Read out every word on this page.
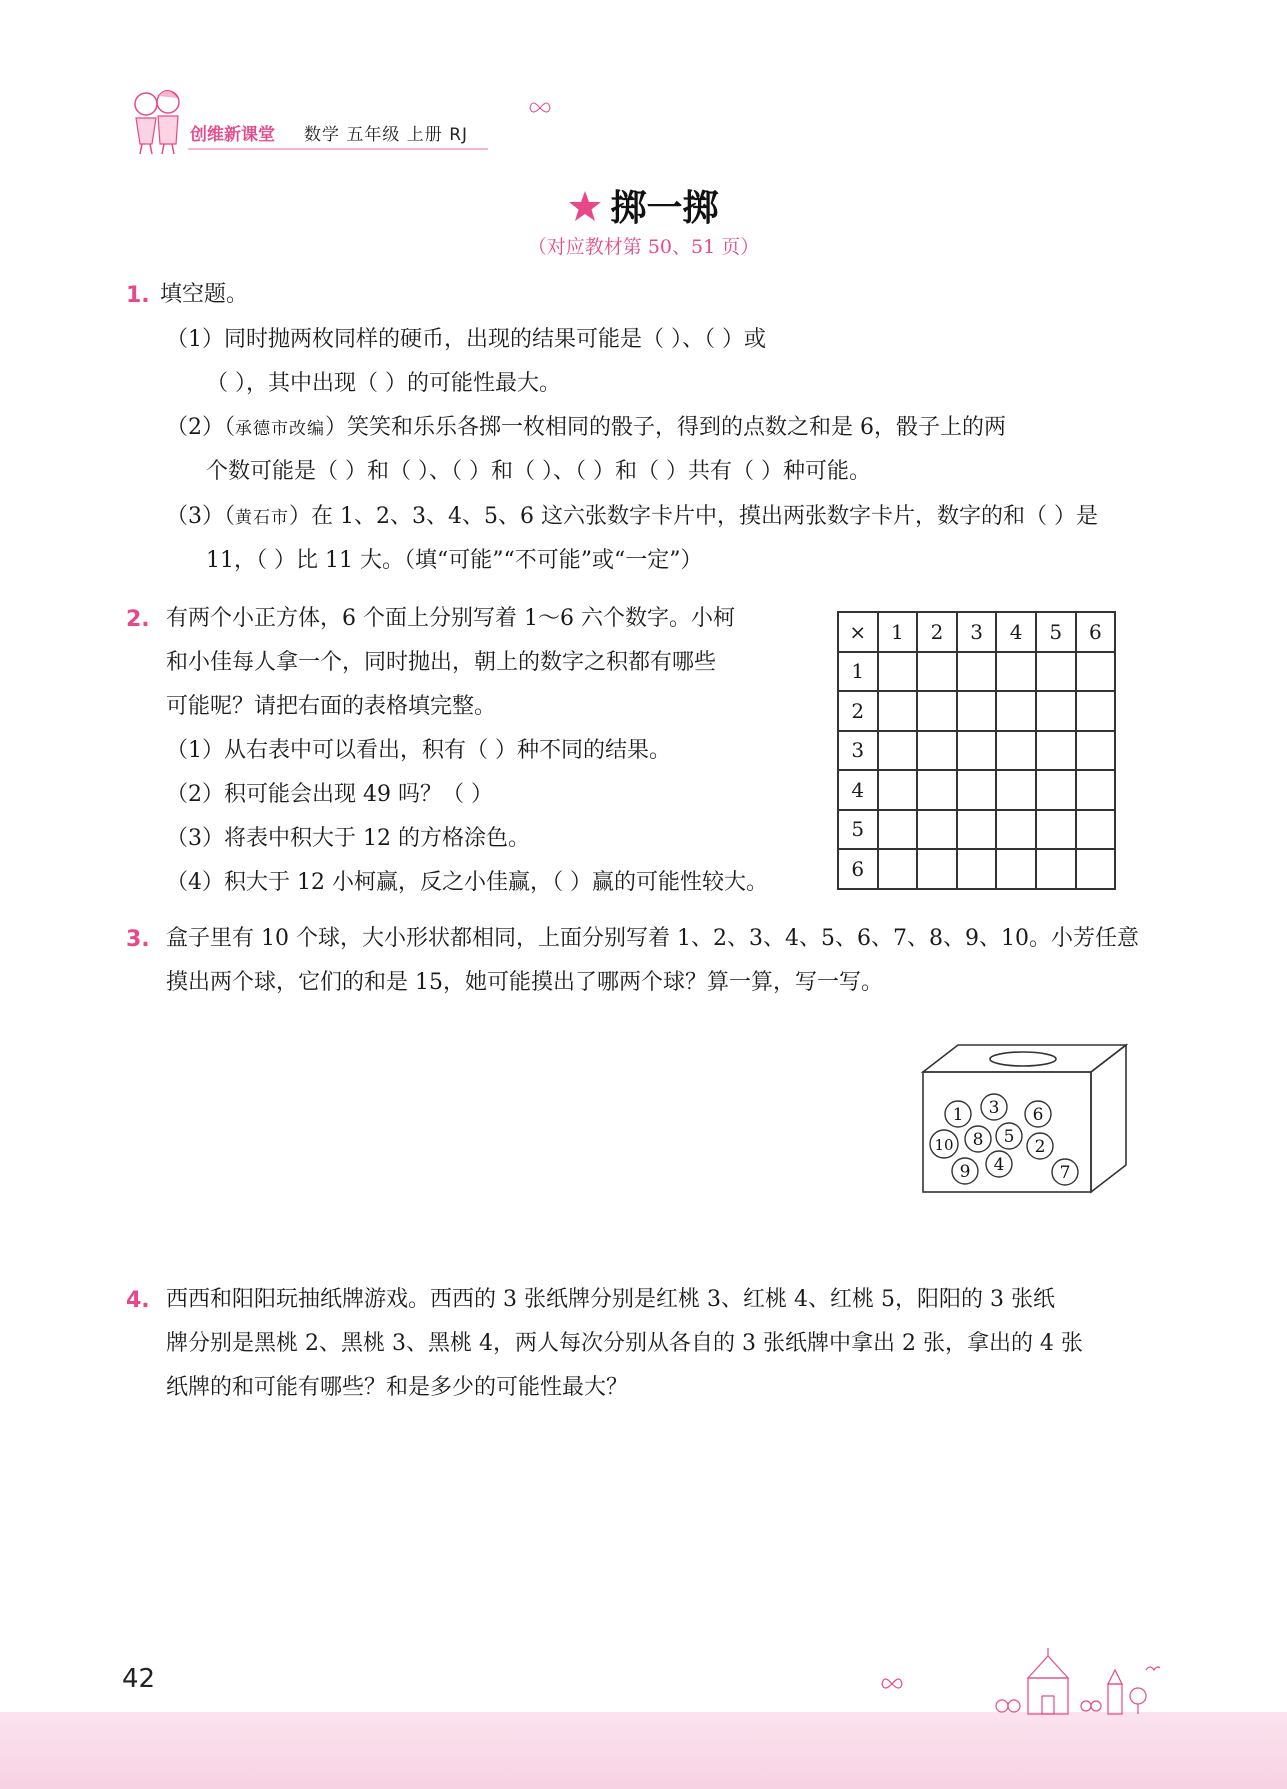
创维新课堂 数学 五年级 上册 RJ
掷一掷
（对应教材第 50、51 页）
1. 填空题。
（1）同时抛两枚同样的硬币，出现的结果可能是（ ）、（ ）或
（ ），其中出现（ ）的可能性最大。
（2）（承德市改编）笑笑和乐乐各掷一枚相同的骰子，得到的点数之和是 6，骰子上的两
个数可能是（ ）和（ ）、（ ）和（ ）、（ ）和（ ）共有（ ）种可能。
（3）（黄石市）在 1、2、3、4、5、6 这六张数字卡片中，摸出两张数字卡片，数字的和（ ）是
11，（ ）比 11 大。（填“可能”“不可能”或“一定”）
2. 有两个小正方体，6 个面上分别写着 1～6 六个数字。小柯
和小佳每人拿一个，同时抛出，朝上的数字之积都有哪些
可能呢？请把右面的表格填完整。
（1）从右表中可以看出，积有（ ）种不同的结果。
（2）积可能会出现 49 吗？（ ）
（3）将表中积大于 12 的方格涂色。
（4）积大于 12 小柯赢，反之小佳赢，（ ）赢的可能性较大。
×	1	2	3	4	5	6
1						
2						
3						
4						
5						
6						
3. 盒子里有 10 个球，大小形状都相同，上面分别写着 1、2、3、4、5、6、7、8、9、10。小芳任意
摸出两个球，它们的和是 15，她可能摸出了哪两个球？算一算，写一写。
1 3 6
10 8 5 2
9 4	7
4. 西西和阳阳玩抽纸牌游戏。西西的 3 张纸牌分别是红桃 3、红桃 4、红桃 5，阳阳的 3 张纸
牌分别是黑桃 2、黑桃 3、黑桃 4，两人每次分别从各自的 3 张纸牌中拿出 2 张，拿出的 4 张
纸牌的和可能有哪些？和是多少的可能性最大？
42
